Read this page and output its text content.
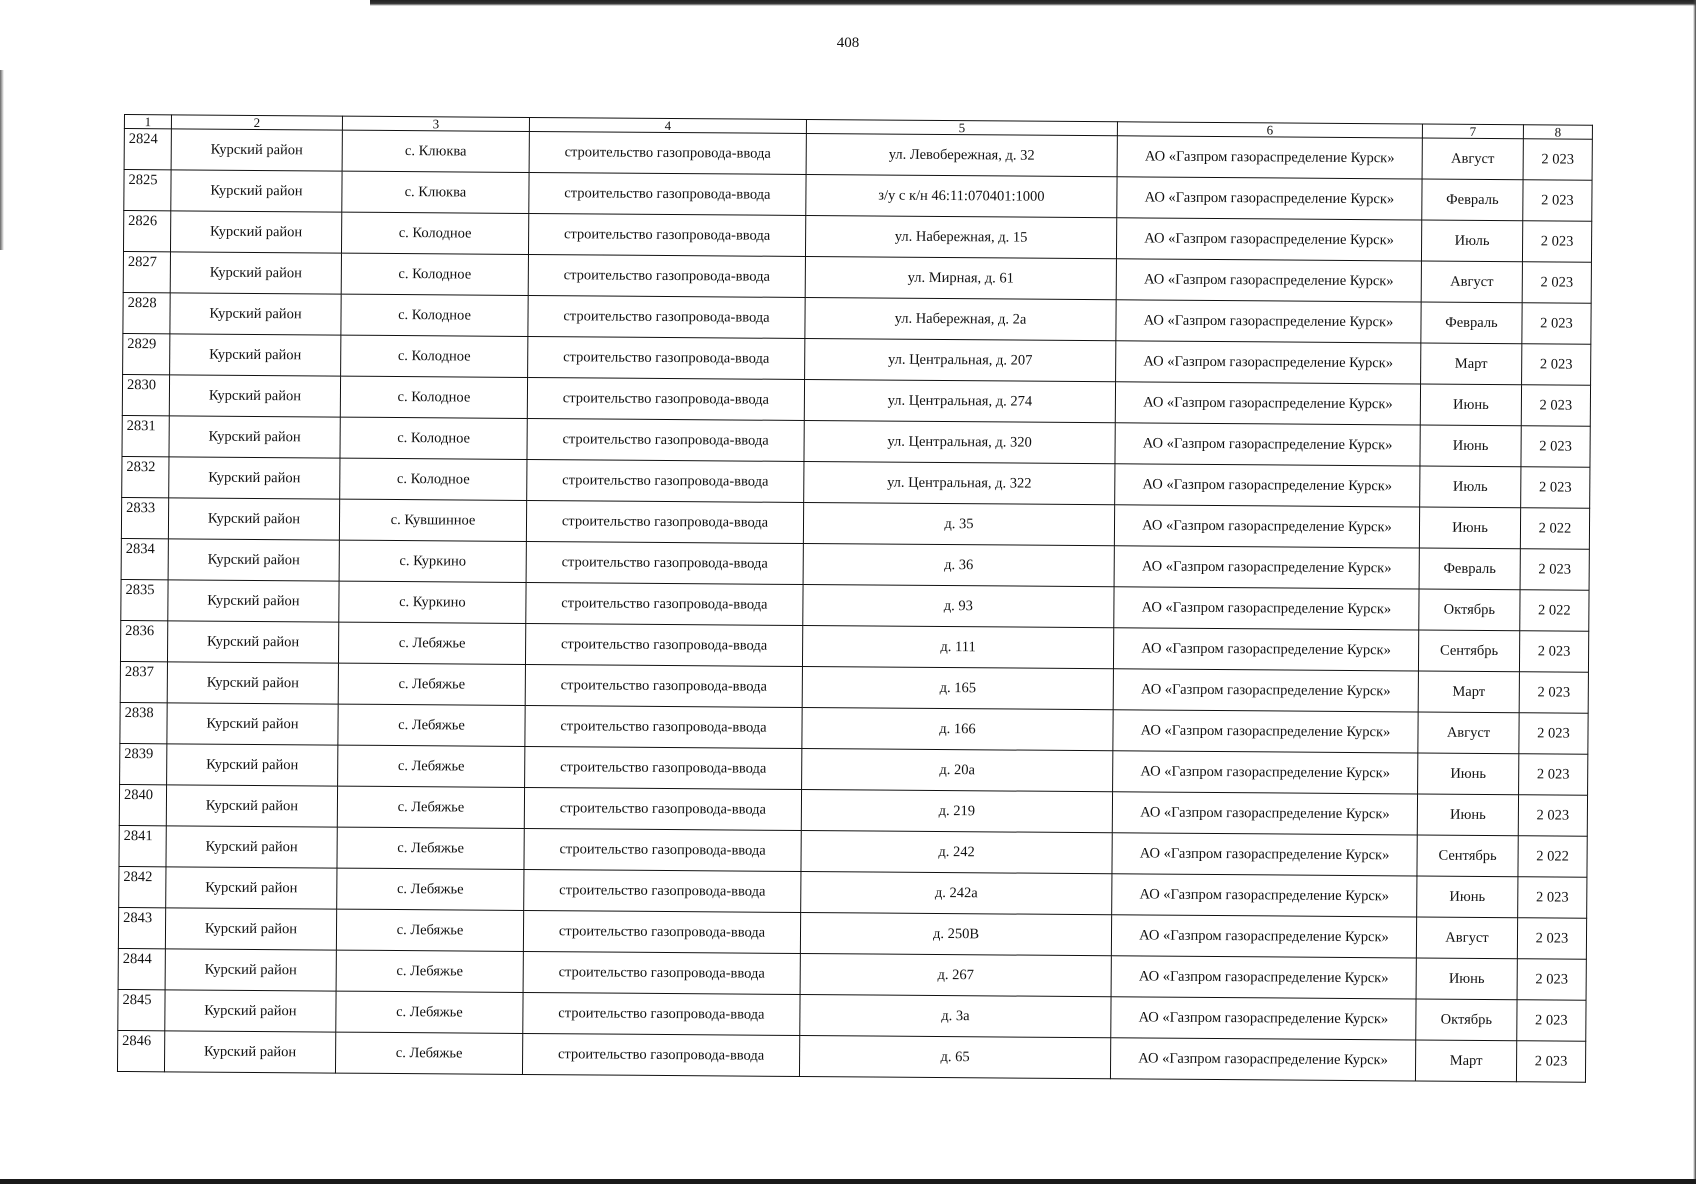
408
1	2	3	4	5	6	7	8
2824	Курский район	с. Клюква	строительство газопровода-ввода	ул. Левобережная, д. 32	АО «Газпром газораспределение Курск»	Август	2 023
2825	Курский район	с. Клюква	строительство газопровода-ввода	з/у с к/н 46:11:070401:1000	АО «Газпром газораспределение Курск»	Февраль	2 023
2826	Курский район	с. Колодное	строительство газопровода-ввода	ул. Набережная, д. 15	АО «Газпром газораспределение Курск»	Июль	2 023
2827	Курский район	с. Колодное	строительство газопровода-ввода	ул. Мирная, д. 61	АО «Газпром газораспределение Курск»	Август	2 023
2828	Курский район	с. Колодное	строительство газопровода-ввода	ул. Набережная, д. 2а	АО «Газпром газораспределение Курск»	Февраль	2 023
2829	Курский район	с. Колодное	строительство газопровода-ввода	ул. Центральная, д. 207	АО «Газпром газораспределение Курск»	Март	2 023
2830	Курский район	с. Колодное	строительство газопровода-ввода	ул. Центральная, д. 274	АО «Газпром газораспределение Курск»	Июнь	2 023
2831	Курский район	с. Колодное	строительство газопровода-ввода	ул. Центральная, д. 320	АО «Газпром газораспределение Курск»	Июнь	2 023
2832	Курский район	с. Колодное	строительство газопровода-ввода	ул. Центральная, д. 322	АО «Газпром газораспределение Курск»	Июль	2 023
2833	Курский район	с. Кувшинное	строительство газопровода-ввода	д. 35	АО «Газпром газораспределение Курск»	Июнь	2 022
2834	Курский район	с. Куркино	строительство газопровода-ввода	д. 36	АО «Газпром газораспределение Курск»	Февраль	2 023
2835	Курский район	с. Куркино	строительство газопровода-ввода	д. 93	АО «Газпром газораспределение Курск»	Октябрь	2 022
2836	Курский район	с. Лебяжье	строительство газопровода-ввода	д. 111	АО «Газпром газораспределение Курск»	Сентябрь	2 023
2837	Курский район	с. Лебяжье	строительство газопровода-ввода	д. 165	АО «Газпром газораспределение Курск»	Март	2 023
2838	Курский район	с. Лебяжье	строительство газопровода-ввода	д. 166	АО «Газпром газораспределение Курск»	Август	2 023
2839	Курский район	с. Лебяжье	строительство газопровода-ввода	д. 20а	АО «Газпром газораспределение Курск»	Июнь	2 023
2840	Курский район	с. Лебяжье	строительство газопровода-ввода	д. 219	АО «Газпром газораспределение Курск»	Июнь	2 023
2841	Курский район	с. Лебяжье	строительство газопровода-ввода	д. 242	АО «Газпром газораспределение Курск»	Сентябрь	2 022
2842	Курский район	с. Лебяжье	строительство газопровода-ввода	д. 242а	АО «Газпром газораспределение Курск»	Июнь	2 023
2843	Курский район	с. Лебяжье	строительство газопровода-ввода	д. 250В	АО «Газпром газораспределение Курск»	Август	2 023
2844	Курский район	с. Лебяжье	строительство газопровода-ввода	д. 267	АО «Газпром газораспределение Курск»	Июнь	2 023
2845	Курский район	с. Лебяжье	строительство газопровода-ввода	д. 3а	АО «Газпром газораспределение Курск»	Октябрь	2 023
2846	Курский район	с. Лебяжье	строительство газопровода-ввода	д. 65	АО «Газпром газораспределение Курск»	Март	2 023
